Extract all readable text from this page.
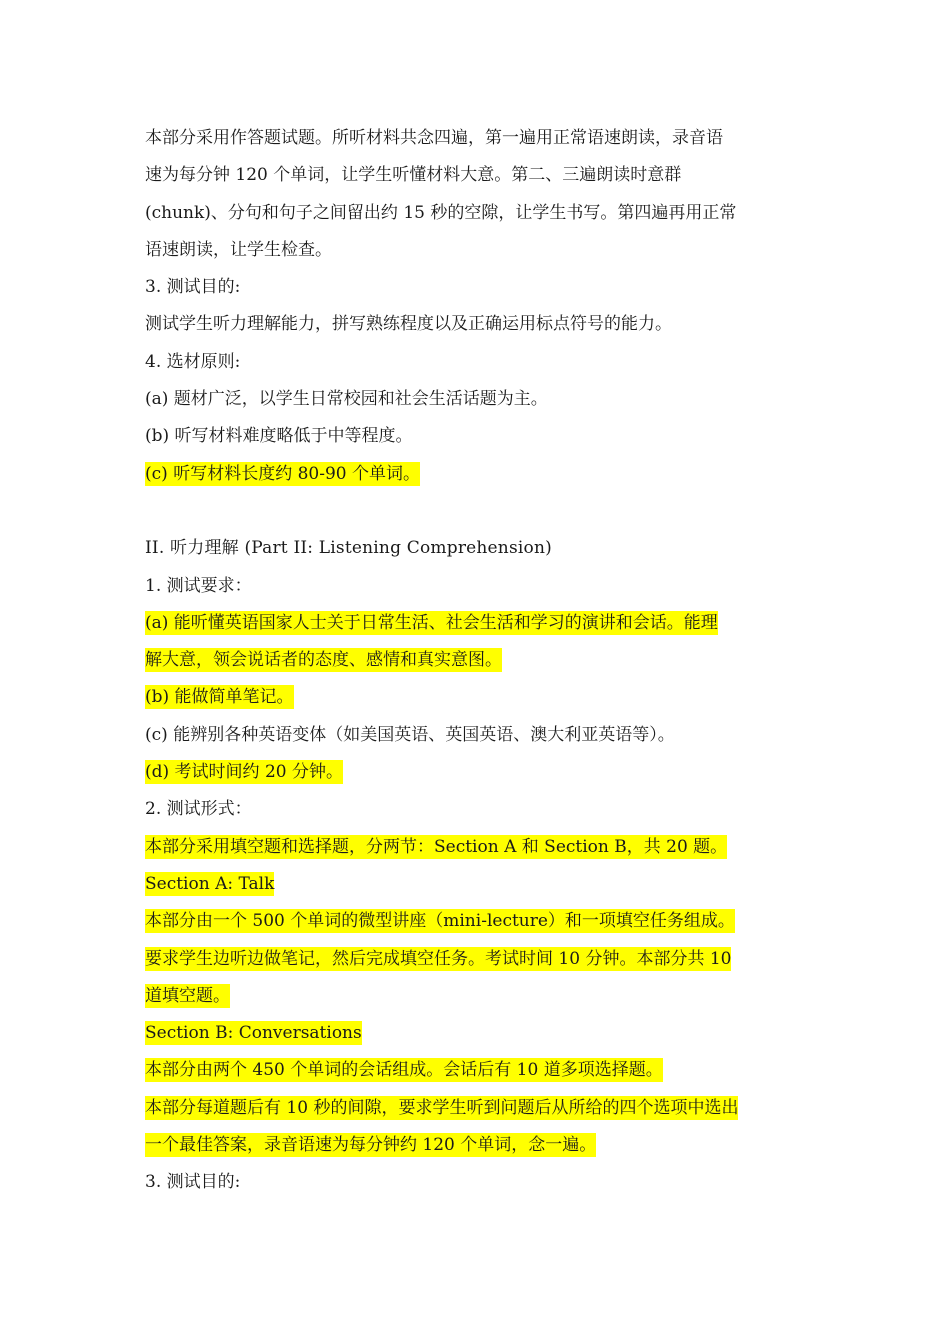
本部分采用作答题试题。所听材料共念四遍，第一遍用正常语速朗读，录音语
速为每分钟 120 个单词，让学生听懂材料大意。第二、三遍朗读时意群
(chunk)、分句和句子之间留出约 15 秒的空隙，让学生书写。第四遍再用正常
语速朗读，让学生检查。
3. 测试目的:
测试学生听力理解能力，拼写熟练程度以及正确运用标点符号的能力。
4. 选材原则:
(a) 题材广泛，以学生日常校园和社会生活话题为主。
(b) 听写材料难度略低于中等程度。
(c) 听写材料长度约 80-90 个单词。
II. 听力理解 (Part II: Listening Comprehension)
1. 测试要求：
(a) 能听懂英语国家人士关于日常生活、社会生活和学习的演讲和会话。能理
解大意，领会说话者的态度、感情和真实意图。
(b) 能做简单笔记。
(c) 能辨别各种英语变体（如美国英语、英国英语、澳大利亚英语等）。
(d) 考试时间约 20 分钟。
2. 测试形式：
本部分采用填空题和选择题，分两节：Section A 和 Section B，共 20 题。
Section A: Talk
本部分由一个 500 个单词的微型讲座（mini-lecture）和一项填空任务组成。
要求学生边听边做笔记，然后完成填空任务。考试时间 10 分钟。本部分共 10
道填空题。
Section B: Conversations
本部分由两个 450 个单词的会话组成。会话后有 10 道多项选择题。
本部分每道题后有 10 秒的间隙，要求学生听到问题后从所给的四个选项中选出
一个最佳答案，录音语速为每分钟约 120 个单词，念一遍。
3. 测试目的:
